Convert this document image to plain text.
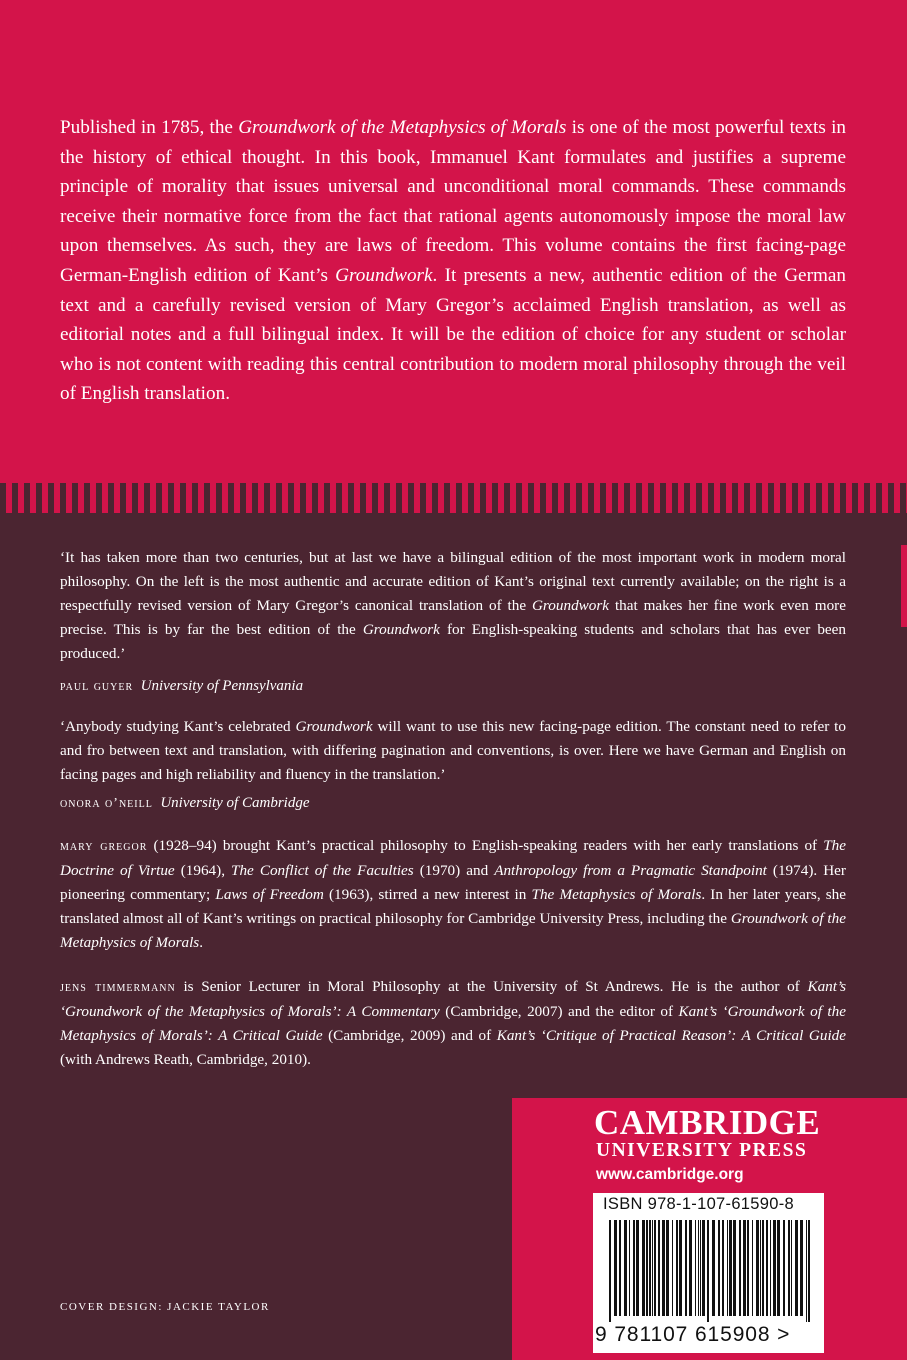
Published in 1785, the Groundwork of the Metaphysics of Morals is one of the most powerful texts in the history of ethical thought. In this book, Immanuel Kant formulates and justifies a supreme principle of morality that issues universal and unconditional moral commands. These commands receive their normative force from the fact that rational agents autonomously impose the moral law upon themselves. As such, they are laws of freedom. This volume contains the first facing-page German-English edition of Kant’s Groundwork. It presents a new, authentic edition of the German text and a carefully revised version of Mary Gregor’s acclaimed English translation, as well as editorial notes and a full bilingual index. It will be the edition of choice for any student or scholar who is not content with reading this central contribution to modern moral philosophy through the veil of English translation.

‘It has taken more than two centuries, but at last we have a bilingual edition of the most important work in modern moral philosophy. On the left is the most authentic and accurate edition of Kant’s original text currently available; on the right is a respectfully revised version of Mary Gregor’s canonical translation of the Groundwork that makes her fine work even more precise. This is by far the best edition of the Groundwork for English-speaking students and scholars that has ever been produced.’

paul guyer University of Pennsylvania

‘Anybody studying Kant’s celebrated Groundwork will want to use this new facing-page edition. The constant need to refer to and fro between text and translation, with differing pagination and conventions, is over. Here we have German and English on facing pages and high reliability and fluency in the translation.’

onora o’neill University of Cambridge

mary gregor (1928–94) brought Kant’s practical philosophy to English-speaking readers with her early translations of The Doctrine of Virtue (1964), The Conflict of the Faculties (1970) and Anthropology from a Pragmatic Standpoint (1974). Her pioneering commentary; Laws of Freedom (1963), stirred a new interest in The Metaphysics of Morals. In her later years, she translated almost all of Kant’s writings on practical philosophy for Cambridge University Press, including the Groundwork of the Metaphysics of Morals.

jens timmermann is Senior Lecturer in Moral Philosophy at the University of St Andrews. He is the author of Kant’s ‘Groundwork of the Metaphysics of Morals’: A Commentary (Cambridge, 2007) and the editor of Kant’s ‘Groundwork of the Metaphysics of Morals’: A Critical Guide (Cambridge, 2009) and of Kant’s ‘Critique of Practical Reason’: A Critical Guide (with Andrews Reath, Cambridge, 2010).

COVER DESIGN: JACKIE TAYLOR

CAMBRIDGE

UNIVERSITY PRESS

www.cambridge.org

ISBN 978-1-107-61590-8

9 781107 615908 >
